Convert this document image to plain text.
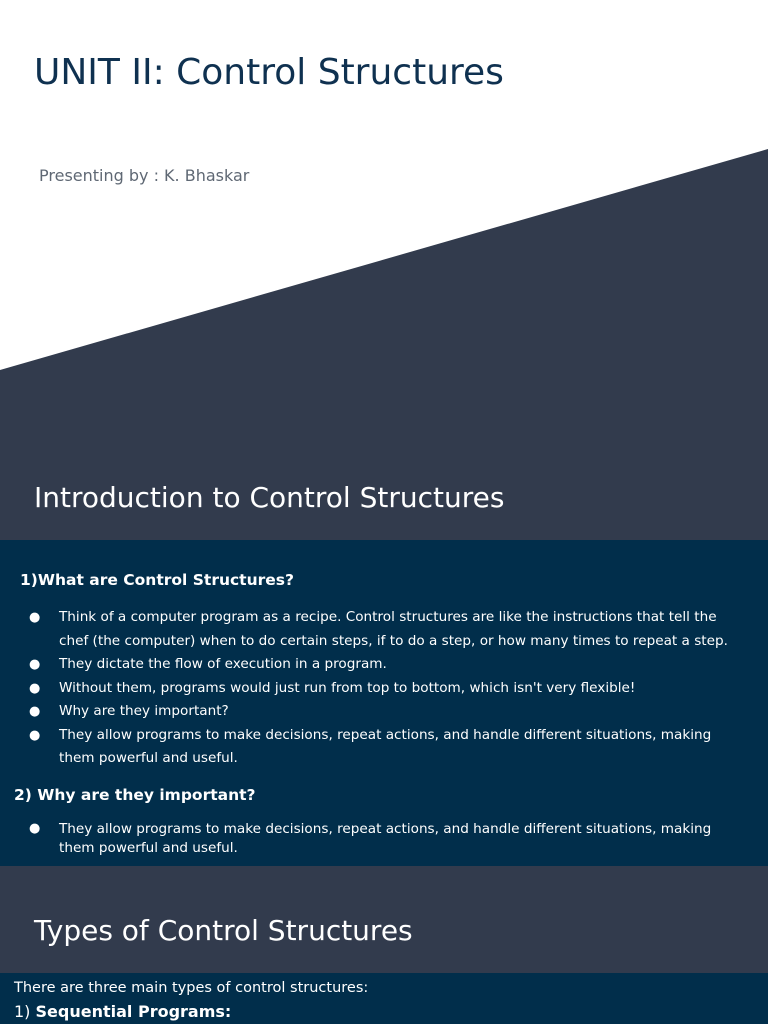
UNIT II: Control Structures
Presenting by : K. Bhaskar
Introduction to Control Structures
1)What are Control Structures?
● Think of a computer program as a recipe. Control structures are like the instructions that tell the chef (the computer) when to do certain steps, if to do a step, or how many times to repeat a step.
● They dictate the flow of execution in a program.
● Without them, programs would just run from top to bottom, which isn't very flexible!
● Why are they important?
● They allow programs to make decisions, repeat actions, and handle different situations, making them powerful and useful.
2) Why are they important?
● They allow programs to make decisions, repeat actions, and handle different situations, making them powerful and useful.
Types of Control Structures
There are three main types of control structures:
1) Sequential Programs:
